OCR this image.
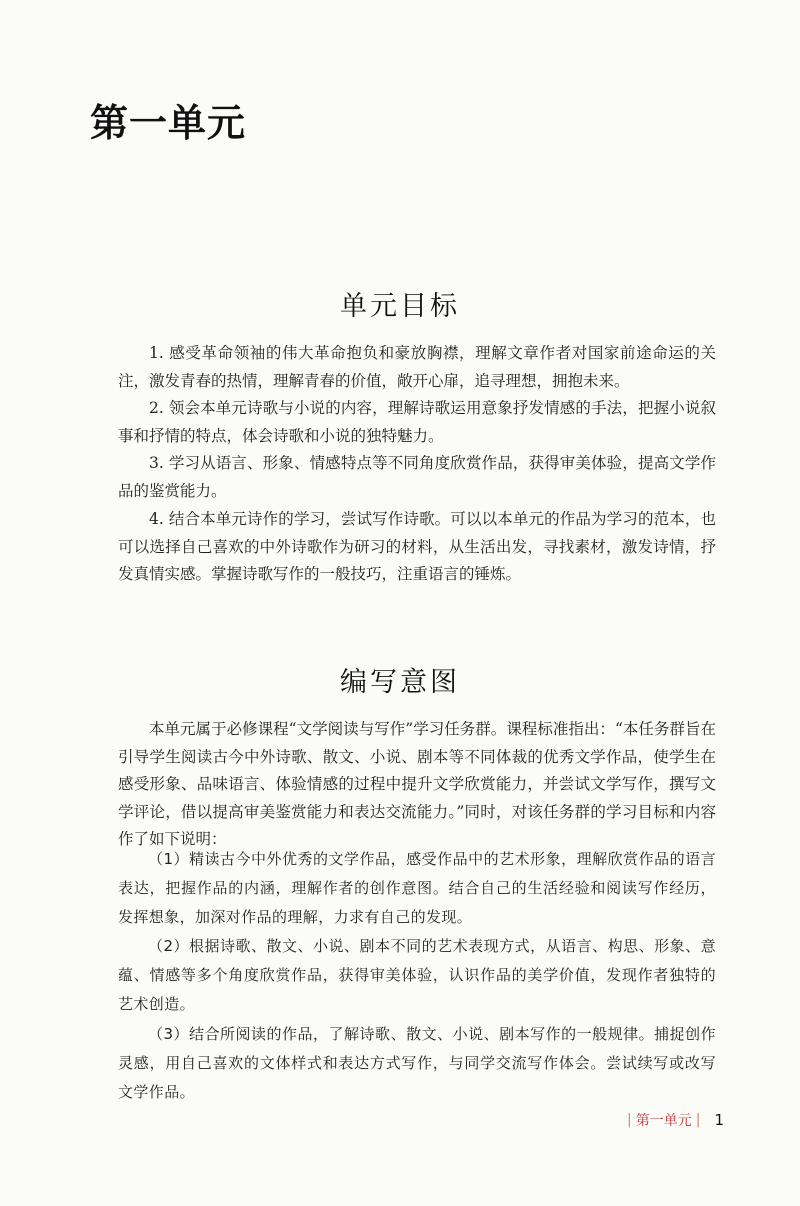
第一单元
单元目标

1. 感受革命领袖的伟大革命抱负和豪放胸襟，理解文章作者对国家前途命运的关注，激发青春的热情，理解青春的价值，敞开心扉，追寻理想，拥抱未来。

2. 领会本单元诗歌与小说的内容，理解诗歌运用意象抒发情感的手法，把握小说叙事和抒情的特点，体会诗歌和小说的独特魅力。

3. 学习从语言、形象、情感特点等不同角度欣赏作品，获得审美体验，提高文学作品的鉴赏能力。

4. 结合本单元诗作的学习，尝试写作诗歌。可以以本单元的作品为学习的范本，也可以选择自己喜欢的中外诗歌作为研习的材料，从生活出发，寻找素材，激发诗情，抒发真情实感。掌握诗歌写作的一般技巧，注重语言的锤炼。

编写意图

本单元属于必修课程“文学阅读与写作”学习任务群。课程标准指出：“本任务群旨在引导学生阅读古今中外诗歌、散文、小说、剧本等不同体裁的优秀文学作品，使学生在感受形象、品味语言、体验情感的过程中提升文学欣赏能力，并尝试文学写作，撰写文学评论，借以提高审美鉴赏能力和表达交流能力。”同时，对该任务群的学习目标和内容作了如下说明：

（1）精读古今中外优秀的文学作品，感受作品中的艺术形象，理解欣赏作品的语言表达，把握作品的内涵，理解作者的创作意图。结合自己的生活经验和阅读写作经历，发挥想象，加深对作品的理解，力求有自己的发现。

（2）根据诗歌、散文、小说、剧本不同的艺术表现方式，从语言、构思、形象、意蕴、情感等多个角度欣赏作品，获得审美体验，认识作品的美学价值，发现作者独特的艺术创造。

（3）结合所阅读的作品，了解诗歌、散文、小说、剧本写作的一般规律。捕捉创作灵感，用自己喜欢的文体样式和表达方式写作，与同学交流写作体会。尝试续写或改写文学作品。

| 第一单元 | 1
